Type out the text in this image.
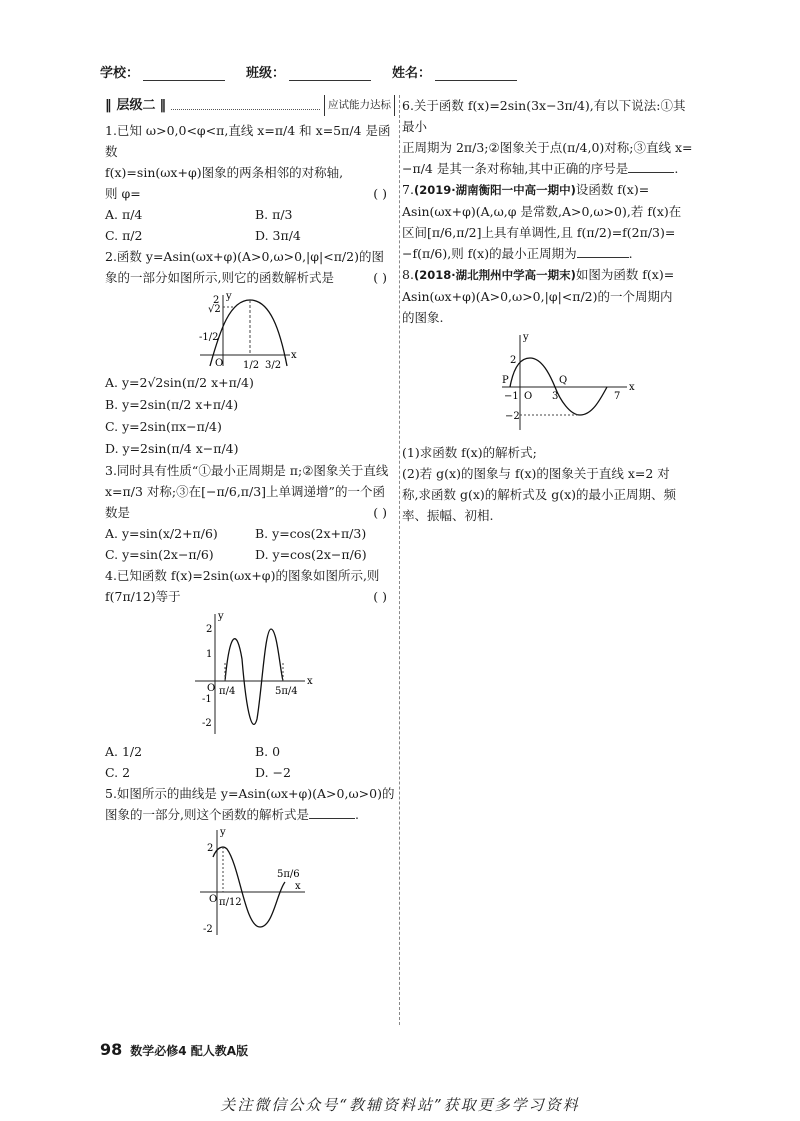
学校：	班级：	姓名：
‖ 层级二 ‖	应试能力达标

1.已知 ω>0,0<φ<π,直线 x=π/4 和 x=5π/4 是函数

f(x)=sin(ωx+φ)图象的两条相邻的对称轴,

则 φ=	( )

A. π/4	B. π/3
C. π/2	D. 3π/4

2.函数 y=Asin(ωx+φ)(A>0,ω>0,|φ|<π/2)的图

象的一部分如图所示,则它的函数解析式是	( )

y
x
O
2
√2
-1/2
1/2 3/2
A. y=2√2sin(π/2 x+π/4)
B. y=2sin(π/2 x+π/4)
C. y=2sin(πx−π/4)
D. y=2sin(π/4 x−π/4)

3.同时具有性质“①最小正周期是 π;②图象关于直线

x=π/3 对称;③在[−π/6,π/3]上单调递增”的一个函

数是	( )

A. y=sin(x/2+π/6)	B. y=cos(2x+π/3)
C. y=sin(2x−π/6)	D. y=cos(2x−π/6)

4.已知函数 f(x)=2sin(ωx+φ)的图象如图所示,则

f(7π/12)等于	( )

y
x
O
2
1
-1
-2
π/4	5π/4
A. 1/2	B. 0
C. 2	D. −2

5.如图所示的曲线是 y=Asin(ωx+φ)(A>0,ω>0)的

图象的一部分,则这个函数的解析式是	.

y
x
O
2
-2
π/12
5π/6

6.关于函数 f(x)=2sin(3x−3π/4),有以下说法:①其最小

正周期为 2π/3;②图象关于点(π/4,0)对称;③直线 x=

−π/4 是其一条对称轴,其中正确的序号是	.

7.(2019·湖南衡阳一中高一期中)设函数 f(x)=

Asin(ωx+φ)(A,ω,φ 是常数,A>0,ω>0),若 f(x)在

区间[π/6,π/2]上具有单调性,且 f(π/2)=f(2π/3)=

−f(π/6),则 f(x)的最小正周期为	.

8.(2018·湖北荆州中学高一期末)如图为函数 f(x)=

Asin(ωx+φ)(A>0,ω>0,|φ|<π/2)的一个周期内

的图象.

y
x
O
2
−2
−1	3	7
P	Q

(1)求函数 f(x)的解析式;

(2)若 g(x)的图象与 f(x)的图象关于直线 x=2 对

称,求函数 g(x)的解析式及 g(x)的最小正周期、频

率、振幅、初相.

98 数学必修4 配人教A版
关注微信公众号“教辅资料站”获取更多学习资料
